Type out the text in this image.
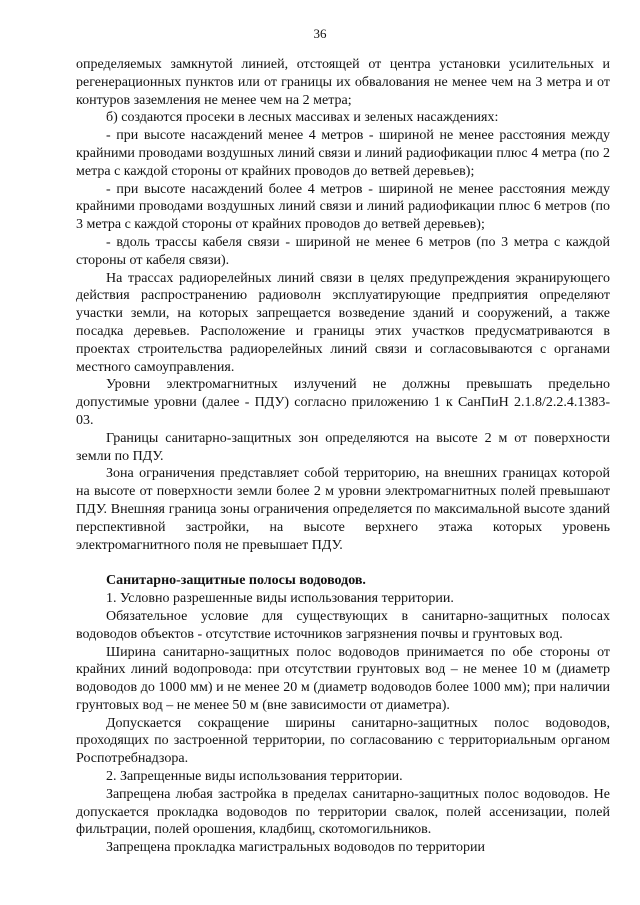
36

определяемых замкнутой линией, отстоящей от центра установки усилительных и регенерационных пунктов или от границы их обвалования не менее чем на 3 метра и от контуров заземления не менее чем на 2 метра;

б) создаются просеки в лесных массивах и зеленых насаждениях:

- при высоте насаждений менее 4 метров - шириной не менее расстояния между крайними проводами воздушных линий связи и линий радиофикации плюс 4 метра (по 2 метра с каждой стороны от крайних проводов до ветвей деревьев);

- при высоте насаждений более 4 метров - шириной не менее расстояния между крайними проводами воздушных линий связи и линий радиофикации плюс 6 метров (по 3 метра с каждой стороны от крайних проводов до ветвей деревьев);

- вдоль трассы кабеля связи - шириной не менее 6 метров (по 3 метра с каждой стороны от кабеля связи).

На трассах радиорелейных линий связи в целях предупреждения экранирующего действия распространению радиоволн эксплуатирующие предприятия определяют участки земли, на которых запрещается возведение зданий и сооружений, а также посадка деревьев. Расположение и границы этих участков предусматриваются в проектах строительства радиорелейных линий связи и согласовываются с органами местного самоуправления.

Уровни электромагнитных излучений не должны превышать предельно допустимые уровни (далее - ПДУ) согласно приложению 1 к СанПиН 2.1.8/2.2.4.1383-03.

Границы санитарно-защитных зон определяются на высоте 2 м от поверхности земли по ПДУ.

Зона ограничения представляет собой территорию, на внешних границах которой на высоте от поверхности земли более 2 м уровни электромагнитных полей превышают ПДУ. Внешняя граница зоны ограничения определяется по максимальной высоте зданий перспективной застройки, на высоте верхнего этажа которых уровень электромагнитного поля не превышает ПДУ.

Санитарно-защитные полосы водоводов.

1. Условно разрешенные виды использования территории.

Обязательное условие для существующих в санитарно-защитных полосах водоводов объектов - отсутствие источников загрязнения почвы и грунтовых вод.

Ширина санитарно-защитных полос водоводов принимается по обе стороны от крайних линий водопровода: при отсутствии грунтовых вод – не менее 10 м (диаметр водоводов до 1000 мм) и не менее 20 м (диаметр водоводов более 1000 мм); при наличии грунтовых вод – не менее 50 м (вне зависимости от диаметра).

Допускается сокращение ширины санитарно-защитных полос водоводов, проходящих по застроенной территории, по согласованию с территориальным органом Роспотребнадзора.

2. Запрещенные виды использования территории.

Запрещена любая застройка в пределах санитарно-защитных полос водоводов. Не допускается прокладка водоводов по территории свалок, полей ассенизации, полей фильтрации, полей орошения, кладбищ, скотомогильников.

Запрещена прокладка магистральных водоводов по территории
